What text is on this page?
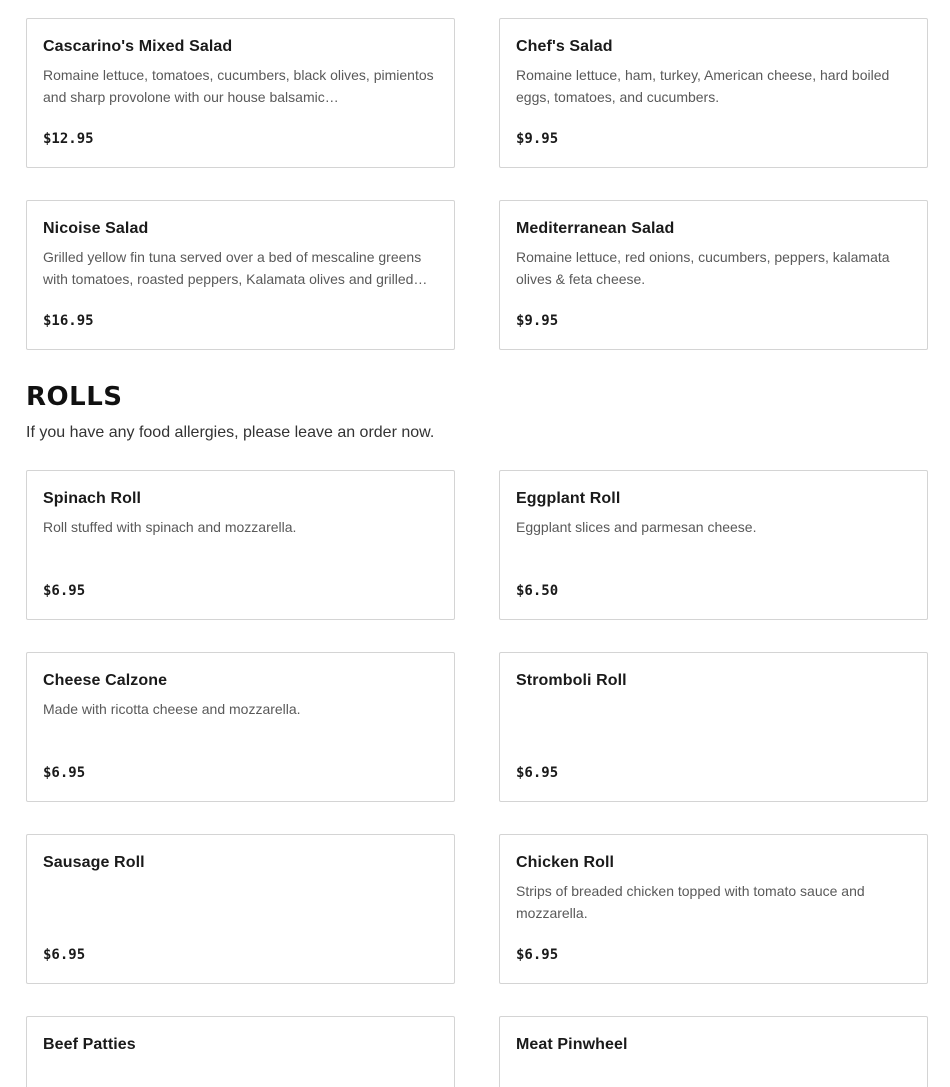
Cascarino's Mixed Salad
Romaine lettuce, tomatoes, cucumbers, black olives, pimientos and sharp provolone with our house balsamic…
$12.95
Chef's Salad
Romaine lettuce, ham, turkey, American cheese, hard boiled eggs, tomatoes, and cucumbers.
$9.95
Nicoise Salad
Grilled yellow fin tuna served over a bed of mescaline greens with tomatoes, roasted peppers, Kalamata olives and grilled…
$16.95
Mediterranean Salad
Romaine lettuce, red onions, cucumbers, peppers, kalamata olives & feta cheese.
$9.95
ROLLS

If you have any food allergies, please leave an order now.

Spinach Roll
Roll stuffed with spinach and mozzarella.
$6.95
Eggplant Roll
Eggplant slices and parmesan cheese.
$6.50
Cheese Calzone
Made with ricotta cheese and mozzarella.
$6.95
Stromboli Roll
$6.95
Sausage Roll
$6.95
Chicken Roll
Strips of breaded chicken topped with tomato sauce and mozzarella.
$6.95
Beef Patties	Meat Pinwheel
